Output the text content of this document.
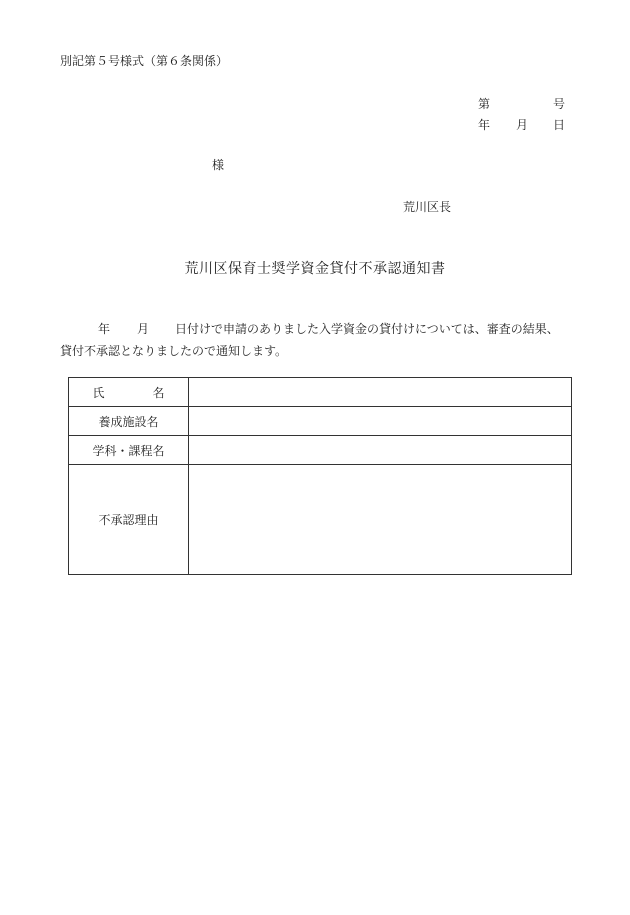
別記第５号様式（第６条関係）
第	号
年 月 日
様
荒川区長
荒川区保育士奨学資金貸付不承認通知書
年 月 日付けで申請のありました入学資金の貸付けについては、審査の結果、
貸付不承認となりましたので通知します。
氏 名	
養成施設名	
学科・課程名	
不承認理由	
